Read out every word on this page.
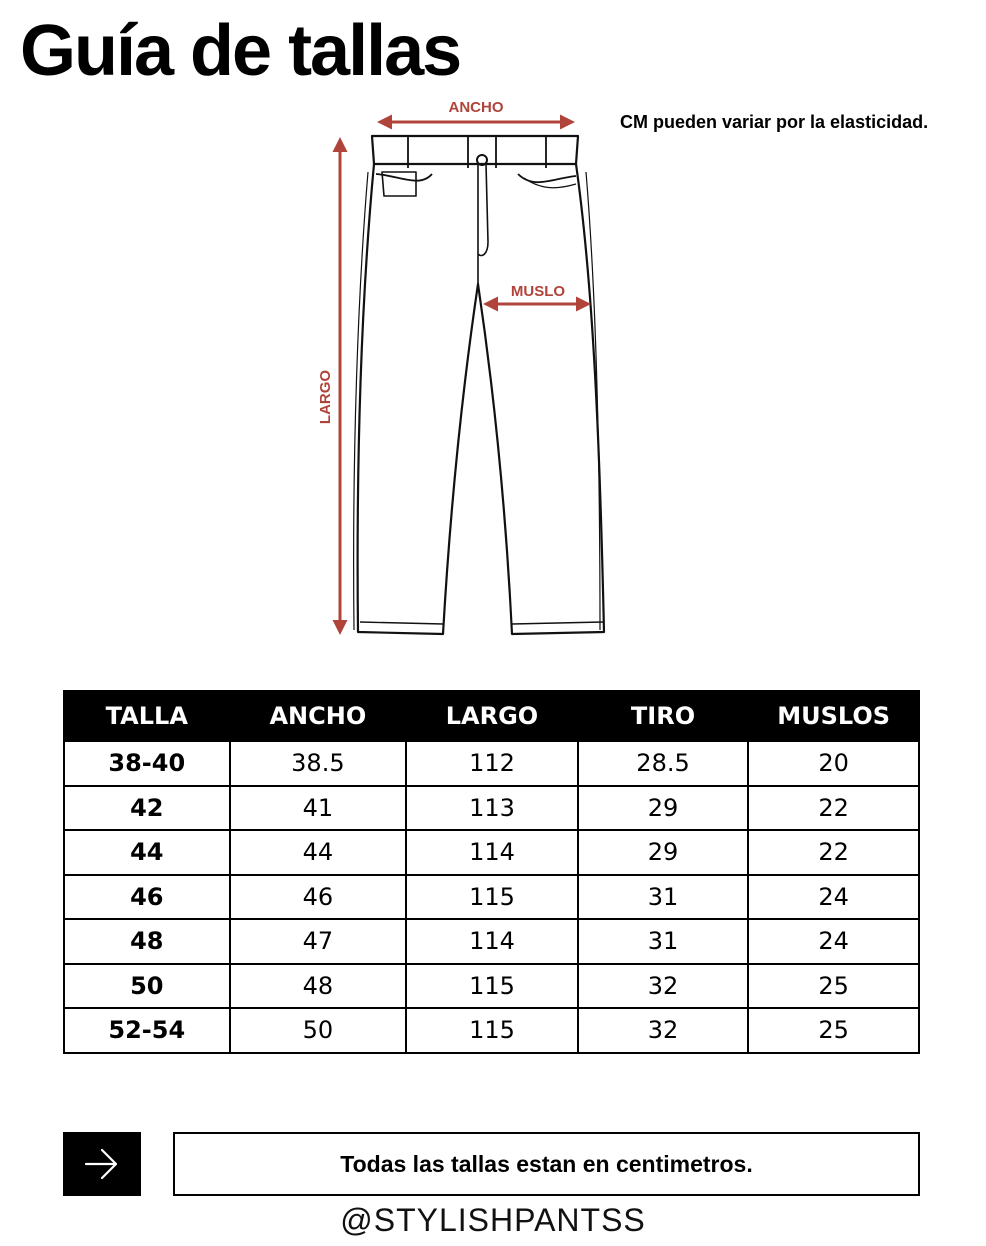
Guía de tallas
CM pueden variar por la elasticidad.
ANCHO
MUSLO
LARGO
TALLA	ANCHO	LARGO	TIRO	MUSLOS
38-40	38.5	112	28.5	20
42	41	113	29	22
44	44	114	29	22
46	46	115	31	24
48	47	114	31	24
50	48	115	32	25
52-54	50	115	32	25
Todas las tallas estan en centimetros.
@STYLISHPANTSS
